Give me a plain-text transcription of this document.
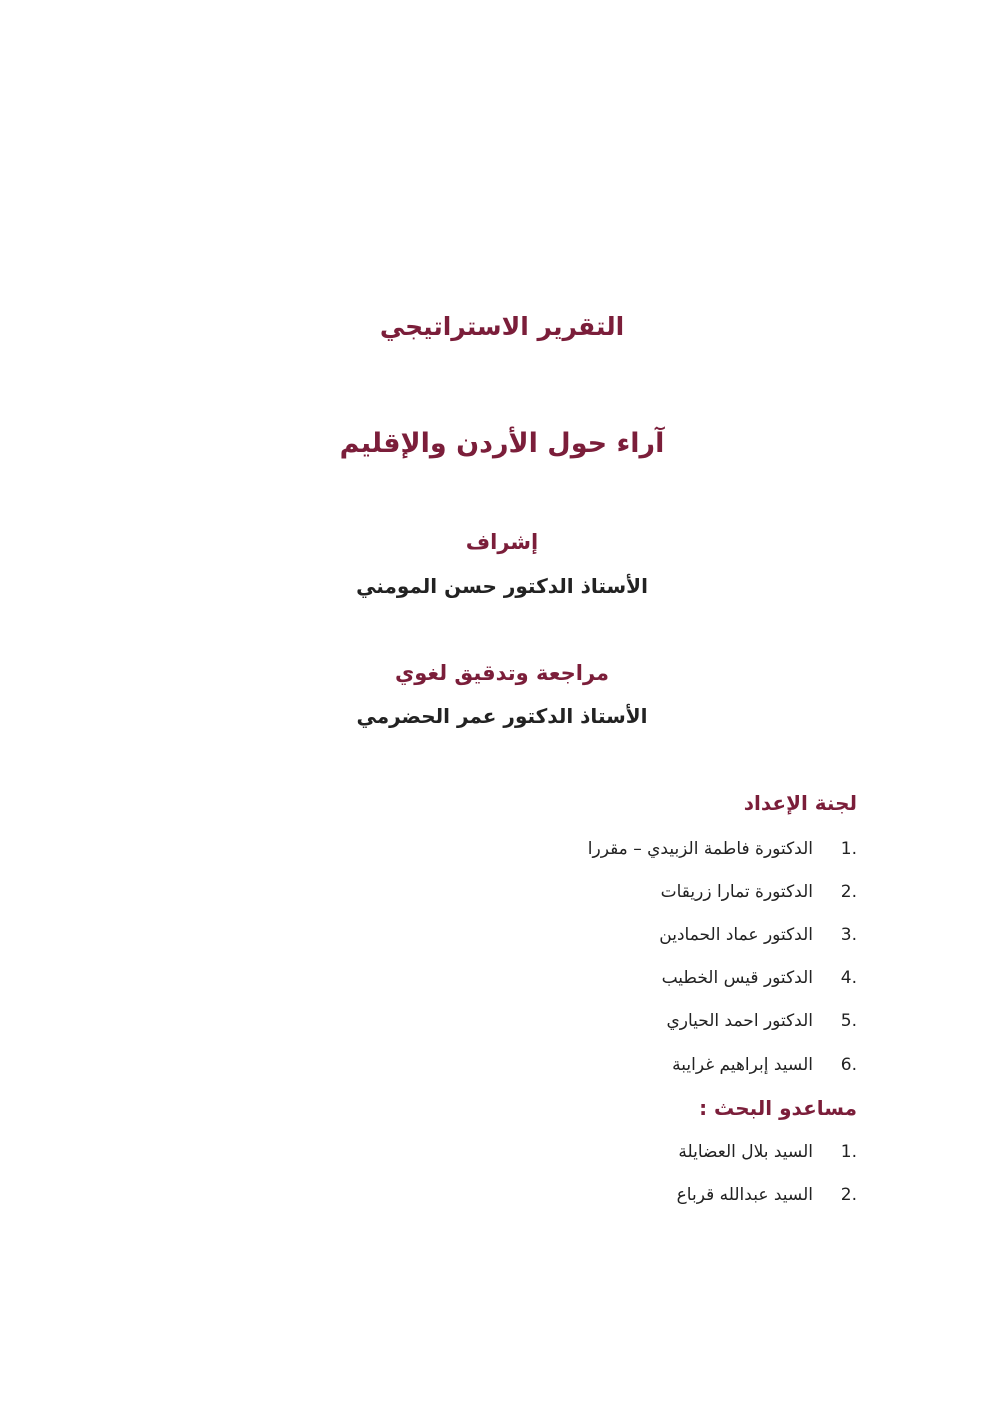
التقرير الاستراتيجي
آراء حول الأردن والإقليم
إشراف
الأستاذ الدكتور حسن المومني
مراجعة وتدقيق لغوي
الأستاذ الدكتور عمر الحضرمي
لجنة الإعداد
1.
الدكتورة فاطمة الزبيدي – مقررا
2.
الدكتورة تمارا زريقات
3.
الدكتور عماد الحمادين
4.
الدكتور قيس الخطيب
5.
الدكتور احمد الحياري
6.
السيد إبراهيم غرايبة
مساعدو البحث :
1.
السيد بلال العضايلة
2.
السيد عبدالله قرباع
